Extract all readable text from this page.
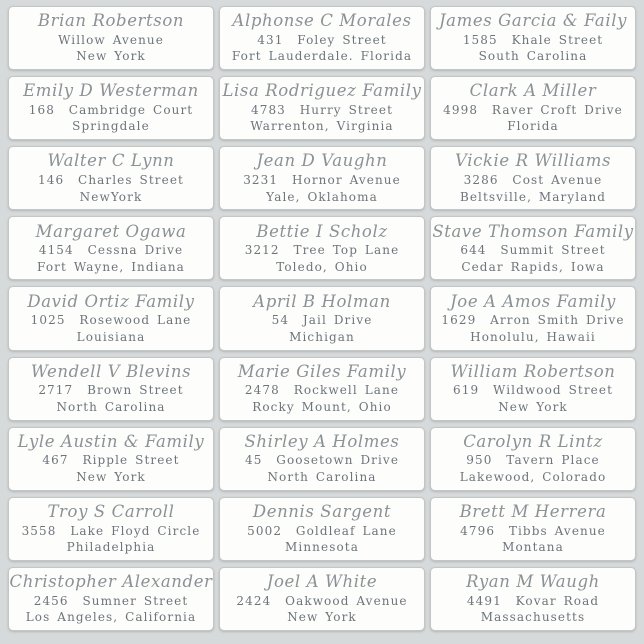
Brian Robertson
Willow Avenue
New York
Alphonse C Morales
431  Foley Street
Fort Lauderdale. Florida
James Garcia & Faily
1585  Khale Street
South Carolina
Emily D Westerman
168  Cambridge Court
Springdale
Lisa Rodriguez Family
4783  Hurry Street
Warrenton, Virginia
Clark A Miller
4998  Raver Croft Drive
Florida
Walter C Lynn
146  Charles Street
NewYork
Jean D Vaughn
3231  Hornor Avenue
Yale, Oklahoma
Vickie R Williams
3286  Cost Avenue
Beltsville, Maryland
Margaret Ogawa
4154  Cessna Drive
Fort Wayne, Indiana
Bettie I Scholz
3212  Tree Top Lane
Toledo, Ohio
Stave Thomson Family
644  Summit Street
Cedar Rapids, Iowa
David Ortiz Family
1025  Rosewood Lane
Louisiana
April B Holman
54  Jail Drive
Michigan
Joe A Amos Family
1629  Arron Smith Drive
Honolulu, Hawaii
Wendell V Blevins
2717  Brown Street
North Carolina
Marie Giles Family
2478  Rockwell Lane
Rocky Mount, Ohio
William Robertson
619  Wildwood Street
New York
Lyle Austin & Family
467  Ripple Street
New York
Shirley A Holmes
45  Goosetown Drive
North Carolina
Carolyn R Lintz
950  Tavern Place
Lakewood, Colorado
Troy S Carroll
3558  Lake Floyd Circle
Philadelphia
Dennis Sargent
5002  Goldleaf Lane
Minnesota
Brett M Herrera
4796  Tibbs Avenue
Montana
Christopher Alexander
2456  Sumner Street
Los Angeles, California
Joel A White
2424  Oakwood Avenue
New York
Ryan M Waugh
4491  Kovar Road
Massachusetts
